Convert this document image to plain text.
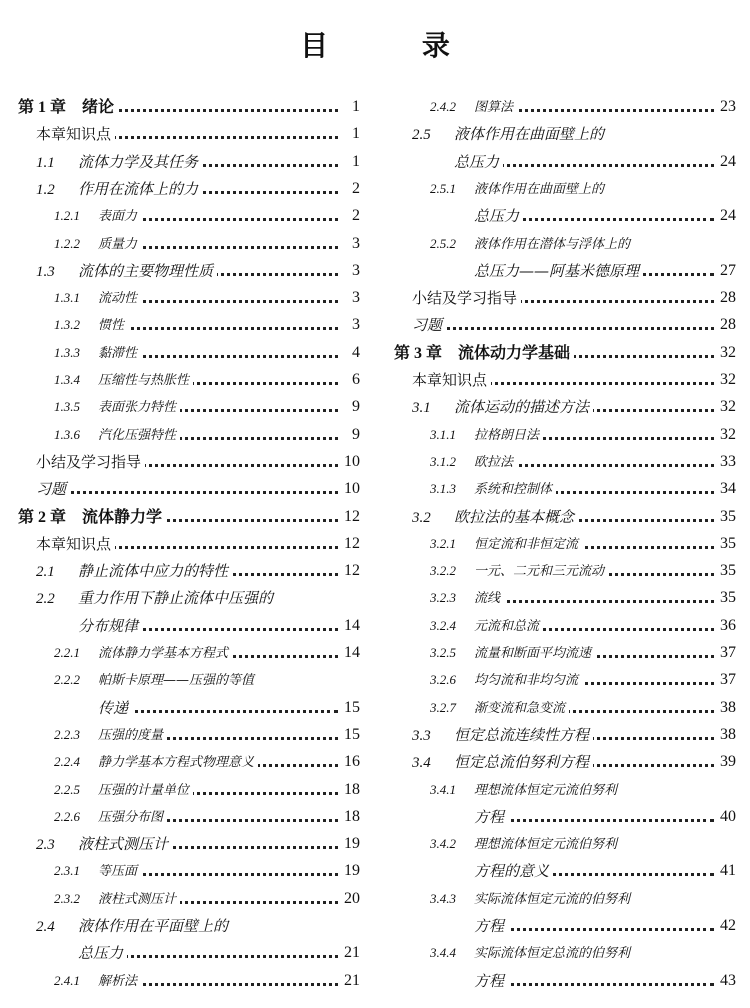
目 录
第 1 章 绪论	1
本章知识点	1
1.1 流体力学及其任务	1
1.2 作用在流体上的力	2
1.2.1 表面力	2
1.2.2 质量力	3
1.3 流体的主要物理性质	3
1.3.1 流动性	3
1.3.2 惯性	3
1.3.3 黏滞性	4
1.3.4 压缩性与热胀性	6
1.3.5 表面张力特性	9
1.3.6 汽化压强特性	9
小结及学习指导	10
习题	10
第 2 章 流体静力学	12
本章知识点	12
2.1 静止流体中应力的特性	12
2.2 重力作用下静止流体中压强的
分布规律	14
2.2.1 流体静力学基本方程式	14
2.2.2 帕斯卡原理——压强的等值
传递	15
2.2.3 压强的度量	15
2.2.4 静力学基本方程式物理意义	16
2.2.5 压强的计量单位	18
2.2.6 压强分布图	18
2.3 液柱式测压计	19
2.3.1 等压面	19
2.3.2 液柱式测压计	20
2.4 液体作用在平面壁上的
总压力	21
2.4.1 解析法	21
2.4.2 图算法	23
2.5 液体作用在曲面壁上的
总压力	24
2.5.1 液体作用在曲面壁上的
总压力	24
2.5.2 液体作用在潜体与浮体上的
总压力——阿基米德原理	27
小结及学习指导	28
习题	28
第 3 章 流体动力学基础	32
本章知识点	32
3.1 流体运动的描述方法	32
3.1.1 拉格朗日法	32
3.1.2 欧拉法	33
3.1.3 系统和控制体	34
3.2 欧拉法的基本概念	35
3.2.1 恒定流和非恒定流	35
3.2.2 一元、二元和三元流动	35
3.2.3 流线	35
3.2.4 元流和总流	36
3.2.5 流量和断面平均流速	37
3.2.6 均匀流和非均匀流	37
3.2.7 渐变流和急变流	38
3.3 恒定总流连续性方程	38
3.4 恒定总流伯努利方程	39
3.4.1 理想流体恒定元流伯努利
方程	40
3.4.2 理想流体恒定元流伯努利
方程的意义	41
3.4.3 实际流体恒定元流的伯努利
方程	42
3.4.4 实际流体恒定总流的伯努利
方程	43
